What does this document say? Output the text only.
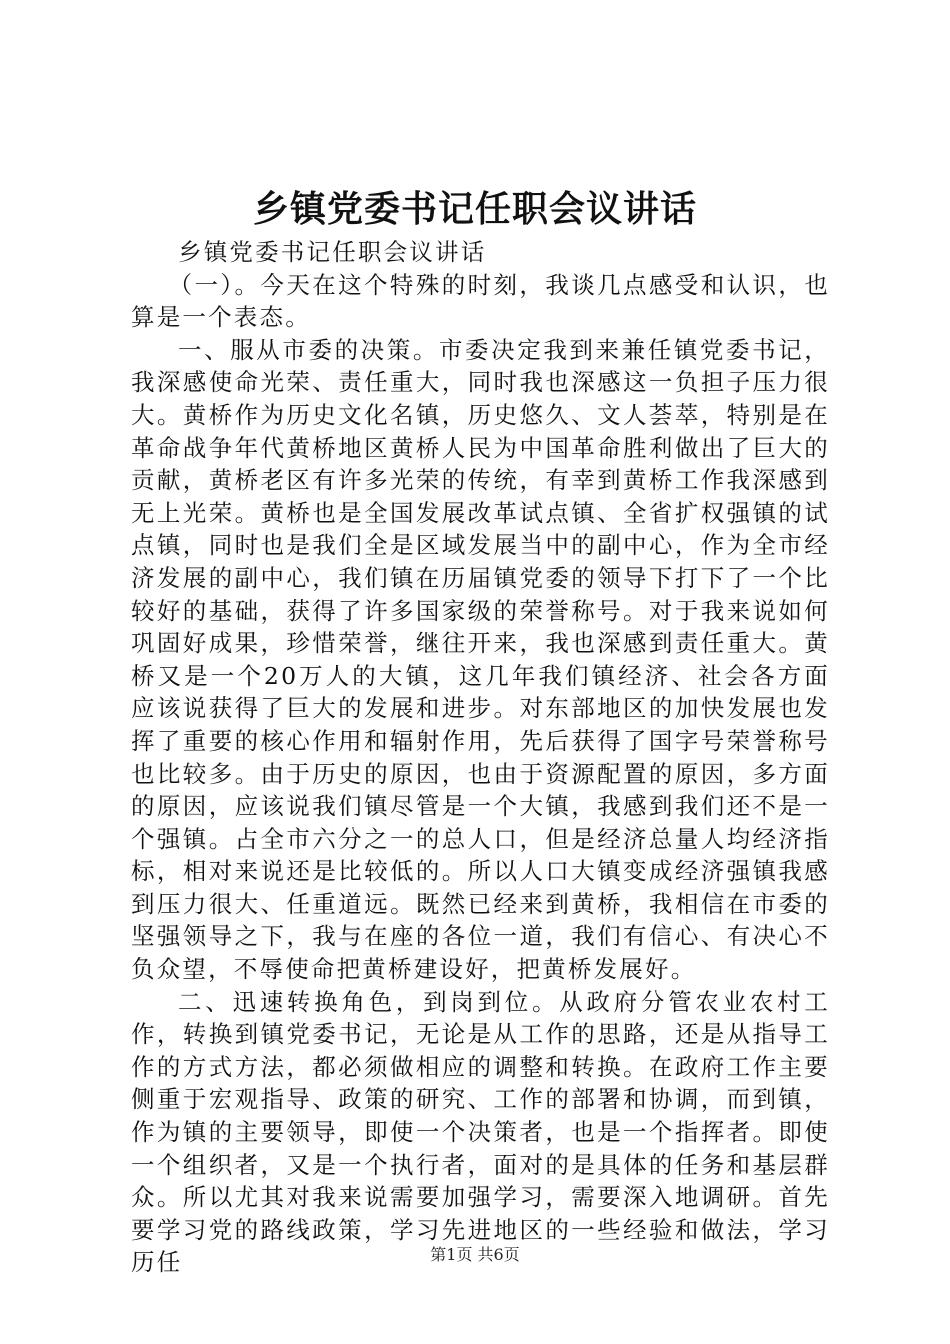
乡镇党委书记任职会议讲话

乡镇党委书记任职会议讲话

（一）。今天在这个特殊的时刻，我谈几点感受和认识，也算是一个表态。

一、服从市委的决策。市委决定我到来兼任镇党委书记，我深感使命光荣、责任重大，同时我也深感这一负担子压力很大。黄桥作为历史文化名镇，历史悠久、文人荟萃，特别是在革命战争年代黄桥地区黄桥人民为中国革命胜利做出了巨大的贡献，黄桥老区有许多光荣的传统，有幸到黄桥工作我深感到无上光荣。黄桥也是全国发展改革试点镇、全省扩权强镇的试点镇，同时也是我们全是区域发展当中的副中心，作为全市经济发展的副中心，我们镇在历届镇党委的领导下打下了一个比较好的基础，获得了许多国家级的荣誉称号。对于我来说如何巩固好成果，珍惜荣誉，继往开来，我也深感到责任重大。黄桥又是一个20万人的大镇，这几年我们镇经济、社会各方面应该说获得了巨大的发展和进步。对东部地区的加快发展也发挥了重要的核心作用和辐射作用，先后获得了国字号荣誉称号也比较多。由于历史的原因，也由于资源配置的原因，多方面的原因，应该说我们镇尽管是一个大镇，我感到我们还不是一个强镇。占全市六分之一的总人口，但是经济总量人均经济指标，相对来说还是比较低的。所以人口大镇变成经济强镇我感到压力很大、任重道远。既然已经来到黄桥，我相信在市委的坚强领导之下，我与在座的各位一道，我们有信心、有决心不负众望，不辱使命把黄桥建设好，把黄桥发展好。

二、迅速转换角色，到岗到位。从政府分管农业农村工作，转换到镇党委书记，无论是从工作的思路，还是从指导工作的方式方法，都必须做相应的调整和转换。在政府工作主要侧重于宏观指导、政策的研究、工作的部署和协调，而到镇，作为镇的主要领导，即使一个决策者，也是一个指挥者。即使一个组织者，又是一个执行者，面对的是具体的任务和基层群众。所以尤其对我来说需要加强学习，需要深入地调研。首先要学习党的路线政策，学习先进地区的一些经验和做法，学习历任	第1页 共6页
